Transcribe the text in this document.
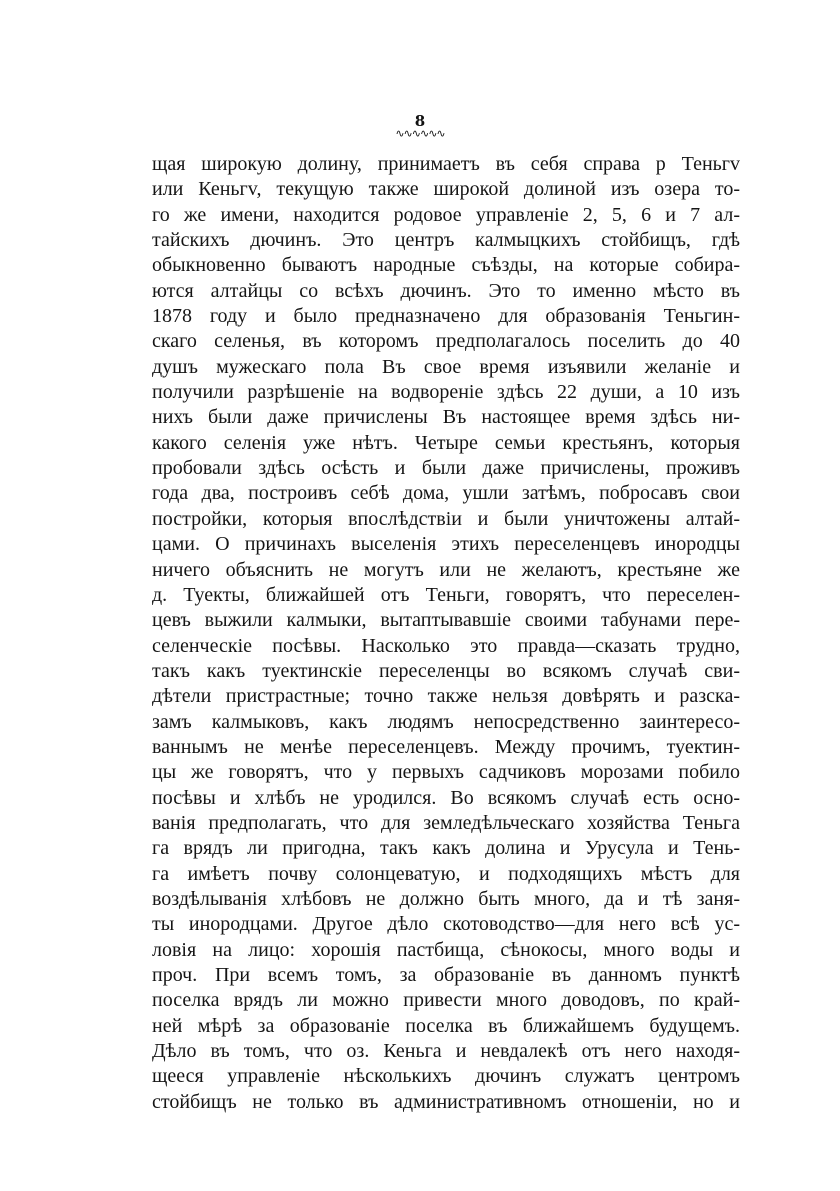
8
∿∿∿∿∿∿
щая широкую долину, принимаетъ въ себя справа р Теньгv
или Кеньгv, текущую также широкой долиной изъ озера то-
го же имени, находится родовое управленіе 2, 5, 6 и 7 ал-
тайскихъ дючинъ. Это центръ калмыцкихъ стойбищъ, гдѣ
обыкновенно бываютъ народные съѣзды, на которые собира-
ются алтайцы со всѣхъ дючинъ. Это то именно мѣсто въ
1878 году и было предназначено для образованія Теньгин-
скаго селенья, въ которомъ предполагалось поселить до 40
душъ мужескаго пола Въ свое время изъявили желаніе и
получили разрѣшеніе на водвореніе здѣсь 22 души, а 10 изъ
нихъ были даже причислены Въ настоящее время здѣсь ни-
какого селенія уже нѣтъ. Четыре семьи крестьянъ, которыя
пробовали здѣсь осѣсть и были даже причислены, проживъ
года два, построивъ себѣ дома, ушли затѣмъ, побросавъ свои
постройки, которыя впослѣдствіи и были уничтожены алтай-
цами. О причинахъ выселенія этихъ переселенцевъ инородцы
ничего объяснить не могутъ или не желаютъ, крестьяне же
д. Туекты, ближайшей отъ Теньги, говорятъ, что переселен-
цевъ выжили калмыки, вытаптывавшіе своими табунами пере-
селенческіе посѣвы. Насколько это правда—сказать трудно,
такъ какъ туектинскіе переселенцы во всякомъ случаѣ сви-
дѣтели пристрастные; точно также нельзя довѣрять и разска-
замъ калмыковъ, какъ людямъ непосредственно заинтересо-
ваннымъ не менѣе переселенцевъ. Между прочимъ, туектин-
цы же говорятъ, что у первыхъ садчиковъ морозами побило
посѣвы и хлѣбъ не уродился. Во всякомъ случаѣ есть осно-
ванія предполагать, что для земледѣльческаго хозяйства Теньга
га врядъ ли пригодна, такъ какъ долина и Урусула и Тень-
га имѣетъ почву солонцеватую, и подходящихъ мѣстъ для
воздѣлыванія хлѣбовъ не должно быть много, да и тѣ заня-
ты инородцами. Другое дѣло скотоводство—для него всѣ ус-
ловія на лицо: хорошія пастбища, сѣнокосы, много воды и
проч. При всемъ томъ, за образованіе въ данномъ пунктѣ
поселка врядъ ли можно привести много доводовъ, по край-
ней мѣрѣ за образованіе поселка въ ближайшемъ будущемъ.
Дѣло въ томъ, что оз. Кеньга и невдалекѣ отъ него находя-
щееся управленіе нѣсколькихъ дючинъ служатъ центромъ
стойбищъ не только въ административномъ отношеніи, но и
